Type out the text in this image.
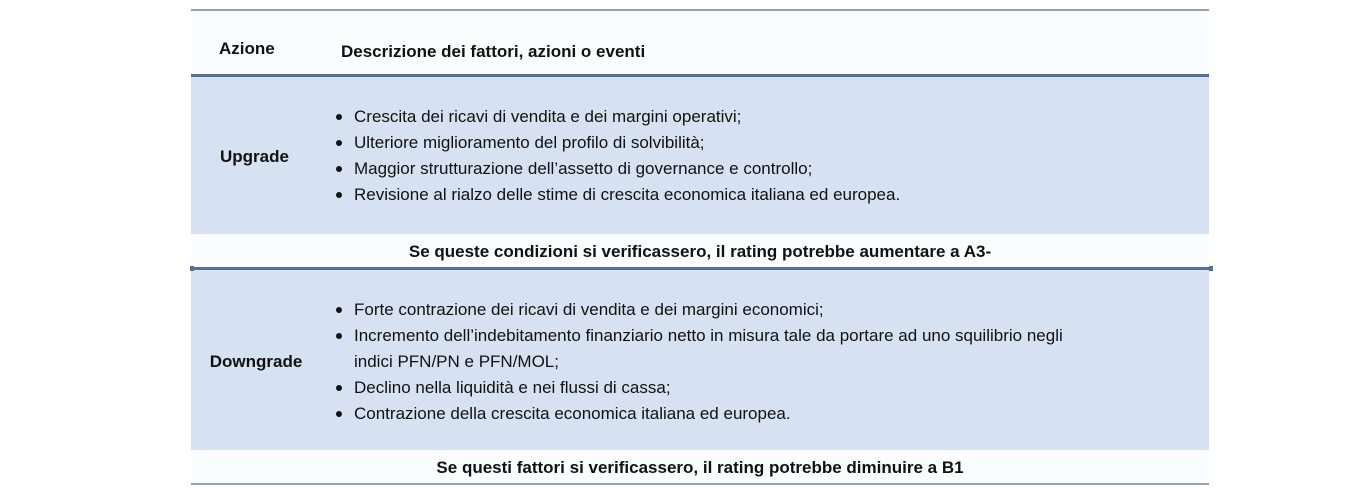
Azione	Descrizione dei fattori, azioni o eventi
Upgrade
Crescita dei ricavi di vendita e dei margini operativi;
Ulteriore miglioramento del profilo di solvibilità;
Maggior strutturazione dell’assetto di governance e controllo;
Revisione al rialzo delle stime di crescita economica italiana ed europea.
Se queste condizioni si verificassero, il rating potrebbe aumentare a A3-
Downgrade
Forte contrazione dei ricavi di vendita e dei margini economici;
Incremento dell’indebitamento finanziario netto in misura tale da portare ad uno squilibrio negli
indici PFN/PN e PFN/MOL;
Declino nella liquidità e nei flussi di cassa;
Contrazione della crescita economica italiana ed europea.
Se questi fattori si verificassero, il rating potrebbe diminuire a B1
